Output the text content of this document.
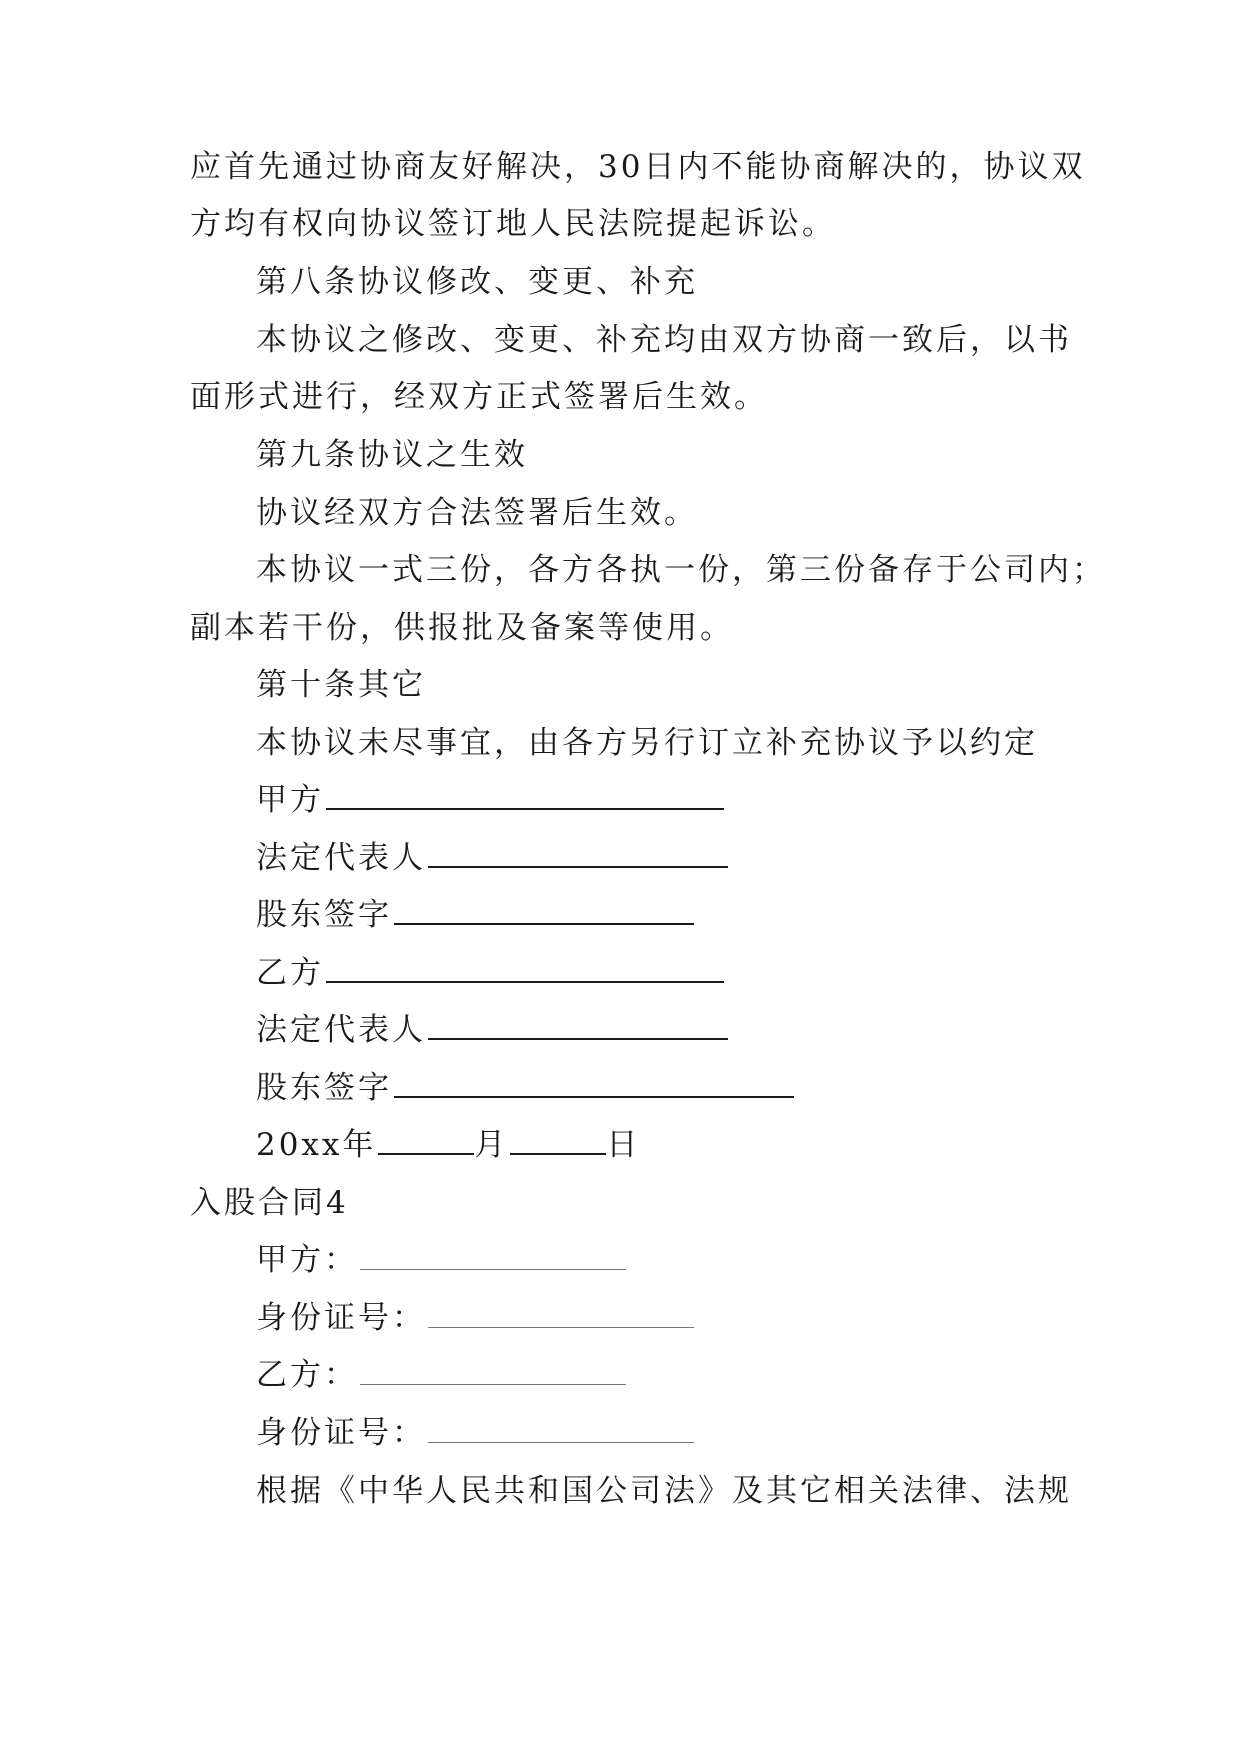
应首先通过协商友好解决，30日内不能协商解决的，协议双
方均有权向协议签订地人民法院提起诉讼。
第八条协议修改、变更、补充
本协议之修改、变更、补充均由双方协商一致后，以书
面形式进行，经双方正式签署后生效。
第九条协议之生效
协议经双方合法签署后生效。
本协议一式三份，各方各执一份，第三份备存于公司内；
副本若干份，供报批及备案等使用。
第十条其它
本协议未尽事宜，由各方另行订立补充协议予以约定
甲方
法定代表人
股东签字
乙方
法定代表人
股东签字
20xx年	月	日
入股合同4
甲方：
身份证号：
乙方：
身份证号：
根据《中华人民共和国公司法》及其它相关法律、法规
